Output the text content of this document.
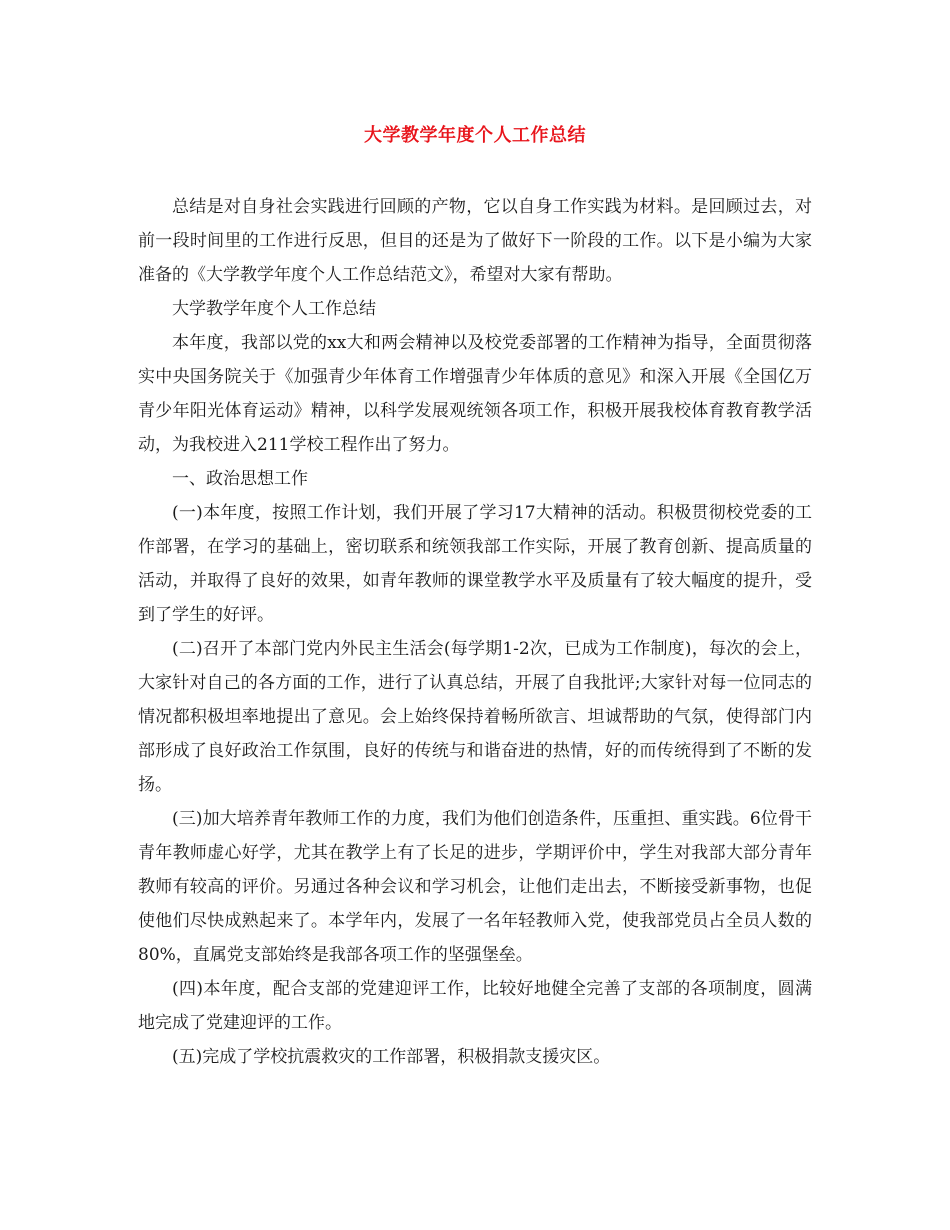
大学教学年度个人工作总结

总结是对自身社会实践进行回顾的产物，它以自身工作实践为材料。是回顾过去，对前一段时间里的工作进行反思，但目的还是为了做好下一阶段的工作。以下是小编为大家准备的《大学教学年度个人工作总结范文》，希望对大家有帮助。

大学教学年度个人工作总结

本年度，我部以党的xx大和两会精神以及校党委部署的工作精神为指导，全面贯彻落实中央国务院关于《加强青少年体育工作增强青少年体质的意见》和深入开展《全国亿万青少年阳光体育运动》精神，以科学发展观统领各项工作，积极开展我校体育教育教学活动，为我校进入211学校工程作出了努力。

一、政治思想工作

(一)本年度，按照工作计划，我们开展了学习17大精神的活动。积极贯彻校党委的工作部署，在学习的基础上，密切联系和统领我部工作实际，开展了教育创新、提高质量的活动，并取得了良好的效果，如青年教师的课堂教学水平及质量有了较大幅度的提升，受到了学生的好评。

(二)召开了本部门党内外民主生活会(每学期1-2次，已成为工作制度)，每次的会上，大家针对自己的各方面的工作，进行了认真总结，开展了自我批评;大家针对每一位同志的情况都积极坦率地提出了意见。会上始终保持着畅所欲言、坦诚帮助的气氛，使得部门内部形成了良好政治工作氛围，良好的传统与和谐奋进的热情，好的而传统得到了不断的发扬。

(三)加大培养青年教师工作的力度，我们为他们创造条件，压重担、重实践。6位骨干青年教师虚心好学，尤其在教学上有了长足的进步，学期评价中，学生对我部大部分青年教师有较高的评价。另通过各种会议和学习机会，让他们走出去，不断接受新事物，也促使他们尽快成熟起来了。本学年内，发展了一名年轻教师入党，使我部党员占全员人数的80%，直属党支部始终是我部各项工作的坚强堡垒。

(四)本年度，配合支部的党建迎评工作，比较好地健全完善了支部的各项制度，圆满地完成了党建迎评的工作。

(五)完成了学校抗震救灾的工作部署，积极捐款支援灾区。
